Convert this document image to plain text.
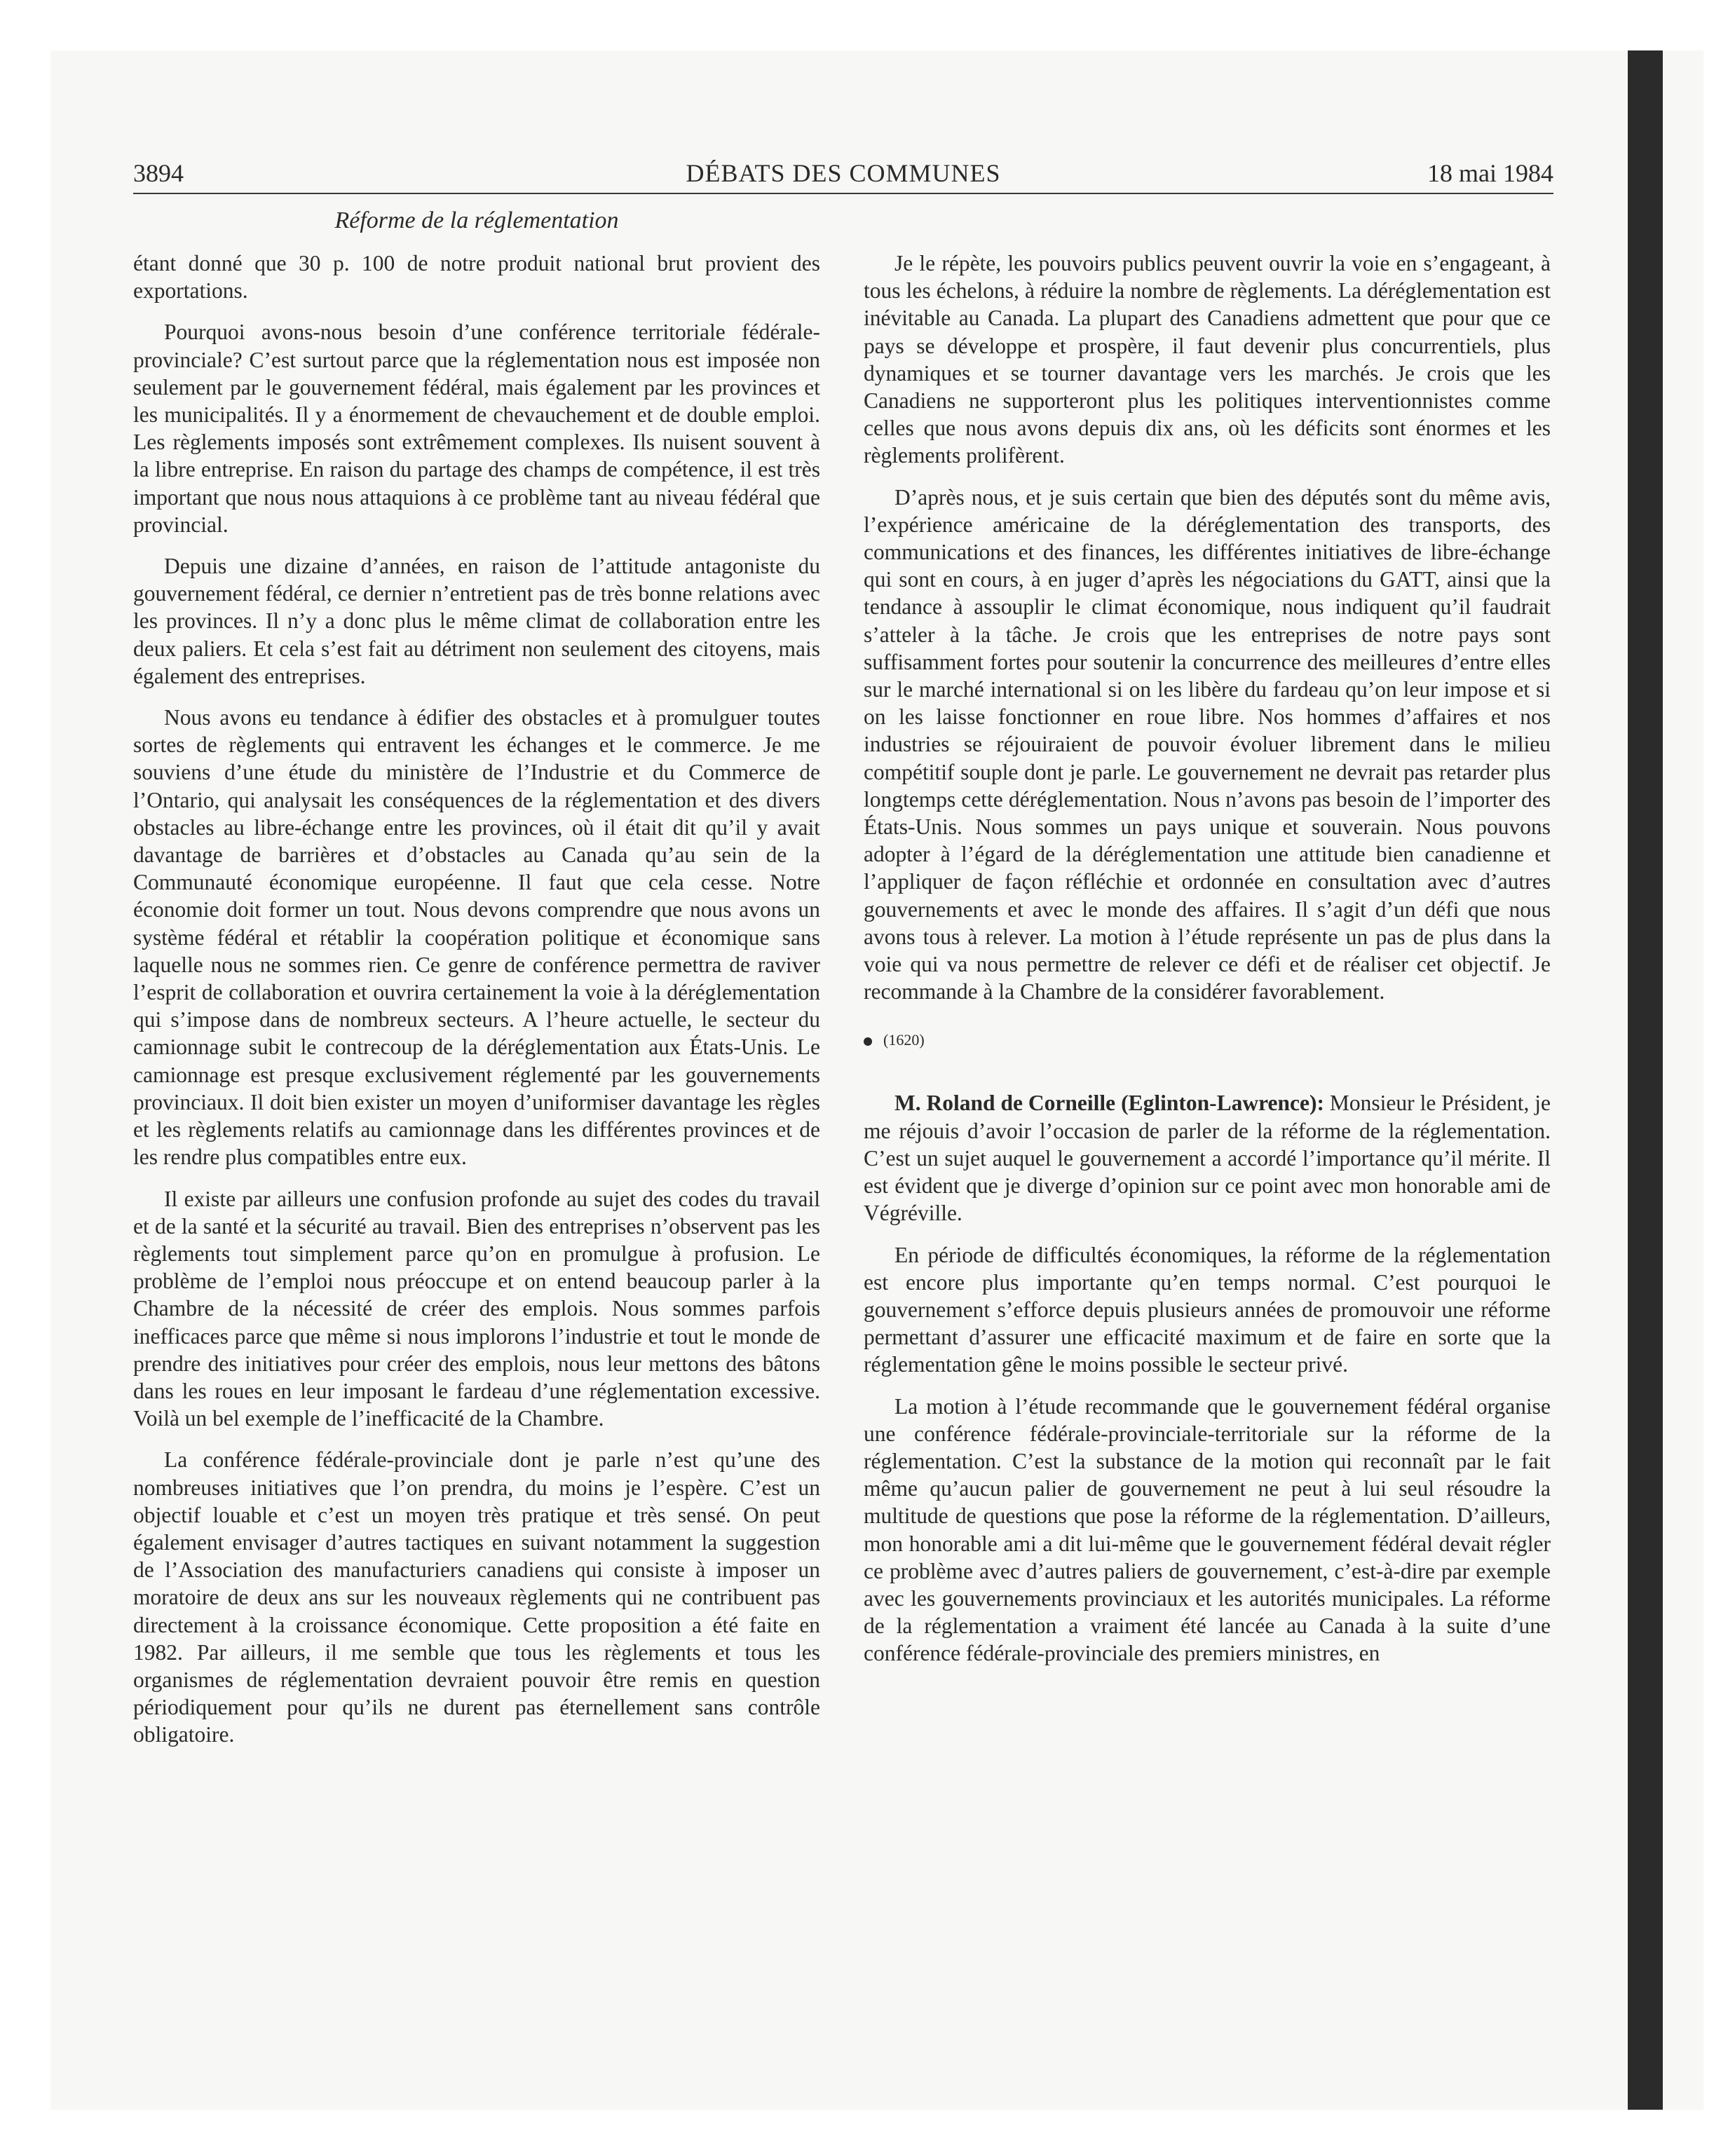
3894	DÉBATS DES COMMUNES	18 mai 1984
Réforme de la réglementation

étant donné que 30 p. 100 de notre produit national brut provient des exportations.

Pourquoi avons-nous besoin d’une conférence territoriale fédérale-provinciale? C’est surtout parce que la réglementation nous est imposée non seulement par le gouvernement fédéral, mais également par les provinces et les municipalités. Il y a énormement de chevauchement et de double emploi. Les règlements imposés sont extrêmement complexes. Ils nuisent souvent à la libre entreprise. En raison du partage des champs de compétence, il est très important que nous nous attaquions à ce problème tant au niveau fédéral que provincial.

Depuis une dizaine d’années, en raison de l’attitude antagoniste du gouvernement fédéral, ce dernier n’entretient pas de très bonne relations avec les provinces. Il n’y a donc plus le même climat de collaboration entre les deux paliers. Et cela s’est fait au détriment non seulement des citoyens, mais également des entreprises.

Nous avons eu tendance à édifier des obstacles et à promulguer toutes sortes de règlements qui entravent les échanges et le commerce. Je me souviens d’une étude du ministère de l’Industrie et du Commerce de l’Ontario, qui analysait les conséquences de la réglementation et des divers obstacles au libre-échange entre les provinces, où il était dit qu’il y avait davantage de barrières et d’obstacles au Canada qu’au sein de la Communauté économique européenne. Il faut que cela cesse. Notre économie doit former un tout. Nous devons comprendre que nous avons un système fédéral et rétablir la coopération politique et économique sans laquelle nous ne sommes rien. Ce genre de conférence permettra de raviver l’esprit de collaboration et ouvrira certainement la voie à la déréglementation qui s’impose dans de nombreux secteurs. A l’heure actuelle, le secteur du camionnage subit le contrecoup de la déréglementation aux États-Unis. Le camionnage est presque exclusivement réglementé par les gouvernements provinciaux. Il doit bien exister un moyen d’uniformiser davantage les règles et les règlements relatifs au camionnage dans les différentes provinces et de les rendre plus compatibles entre eux.

Il existe par ailleurs une confusion profonde au sujet des codes du travail et de la santé et la sécurité au travail. Bien des entreprises n’observent pas les règlements tout simplement parce qu’on en promulgue à profusion. Le problème de l’emploi nous préoccupe et on entend beaucoup parler à la Chambre de la nécessité de créer des emplois. Nous sommes parfois inefficaces parce que même si nous implorons l’industrie et tout le monde de prendre des initiatives pour créer des emplois, nous leur mettons des bâtons dans les roues en leur imposant le fardeau d’une réglementation excessive. Voilà un bel exemple de l’inefficacité de la Chambre.

La conférence fédérale-provinciale dont je parle n’est qu’une des nombreuses initiatives que l’on prendra, du moins je l’espère. C’est un objectif louable et c’est un moyen très pratique et très sensé. On peut également envisager d’autres tactiques en suivant notamment la suggestion de l’Association des manufacturiers canadiens qui consiste à imposer un moratoire de deux ans sur les nouveaux règlements qui ne contribuent pas directement à la croissance économique. Cette proposition a été faite en 1982. Par ailleurs, il me semble que tous les règlements et tous les organismes de réglementation devraient pouvoir être remis en question périodiquement pour qu’ils ne durent pas éternellement sans contrôle obligatoire.

Je le répète, les pouvoirs publics peuvent ouvrir la voie en s’engageant, à tous les échelons, à réduire la nombre de règlements. La déréglementation est inévitable au Canada. La plupart des Canadiens admettent que pour que ce pays se développe et prospère, il faut devenir plus concurrentiels, plus dynamiques et se tourner davantage vers les marchés. Je crois que les Canadiens ne supporteront plus les politiques interventionnistes comme celles que nous avons depuis dix ans, où les déficits sont énormes et les règlements prolifèrent.

D’après nous, et je suis certain que bien des députés sont du même avis, l’expérience américaine de la déréglementation des transports, des communications et des finances, les différentes initiatives de libre-échange qui sont en cours, à en juger d’après les négociations du GATT, ainsi que la tendance à assouplir le climat économique, nous indiquent qu’il faudrait s’atteler à la tâche. Je crois que les entreprises de notre pays sont suffisamment fortes pour soutenir la concurrence des meilleures d’entre elles sur le marché international si on les libère du fardeau qu’on leur impose et si on les laisse fonctionner en roue libre. Nos hommes d’affaires et nos industries se réjouiraient de pouvoir évoluer librement dans le milieu compétitif souple dont je parle. Le gouvernement ne devrait pas retarder plus longtemps cette déréglementation. Nous n’avons pas besoin de l’importer des États-Unis. Nous sommes un pays unique et souverain. Nous pouvons adopter à l’égard de la déréglementation une attitude bien canadienne et l’appliquer de façon réfléchie et ordonnée en consultation avec d’autres gouvernements et avec le monde des affaires. Il s’agit d’un défi que nous avons tous à relever. La motion à l’étude représente un pas de plus dans la voie qui va nous permettre de relever ce défi et de réaliser cet objectif. Je recommande à la Chambre de la considérer favorablement.

(1620)

M. Roland de Corneille (Eglinton-Lawrence): Monsieur le Président, je me réjouis d’avoir l’occasion de parler de la réforme de la réglementation. C’est un sujet auquel le gouvernement a accordé l’importance qu’il mérite. Il est évident que je diverge d’opinion sur ce point avec mon honorable ami de Végréville.

En période de difficultés économiques, la réforme de la réglementation est encore plus importante qu’en temps normal. C’est pourquoi le gouvernement s’efforce depuis plusieurs années de promouvoir une réforme permettant d’assurer une efficacité maximum et de faire en sorte que la réglementation gêne le moins possible le secteur privé.

La motion à l’étude recommande que le gouvernement fédéral organise une conférence fédérale-provinciale-territoriale sur la réforme de la réglementation. C’est la substance de la motion qui reconnaît par le fait même qu’aucun palier de gouvernement ne peut à lui seul résoudre la multitude de questions que pose la réforme de la réglementation. D’ailleurs, mon honorable ami a dit lui-même que le gouvernement fédéral devait régler ce problème avec d’autres paliers de gouvernement, c’est-à-dire par exemple avec les gouvernements provinciaux et les autorités municipales. La réforme de la réglementation a vraiment été lancée au Canada à la suite d’une conférence fédérale-provinciale des premiers ministres, en
